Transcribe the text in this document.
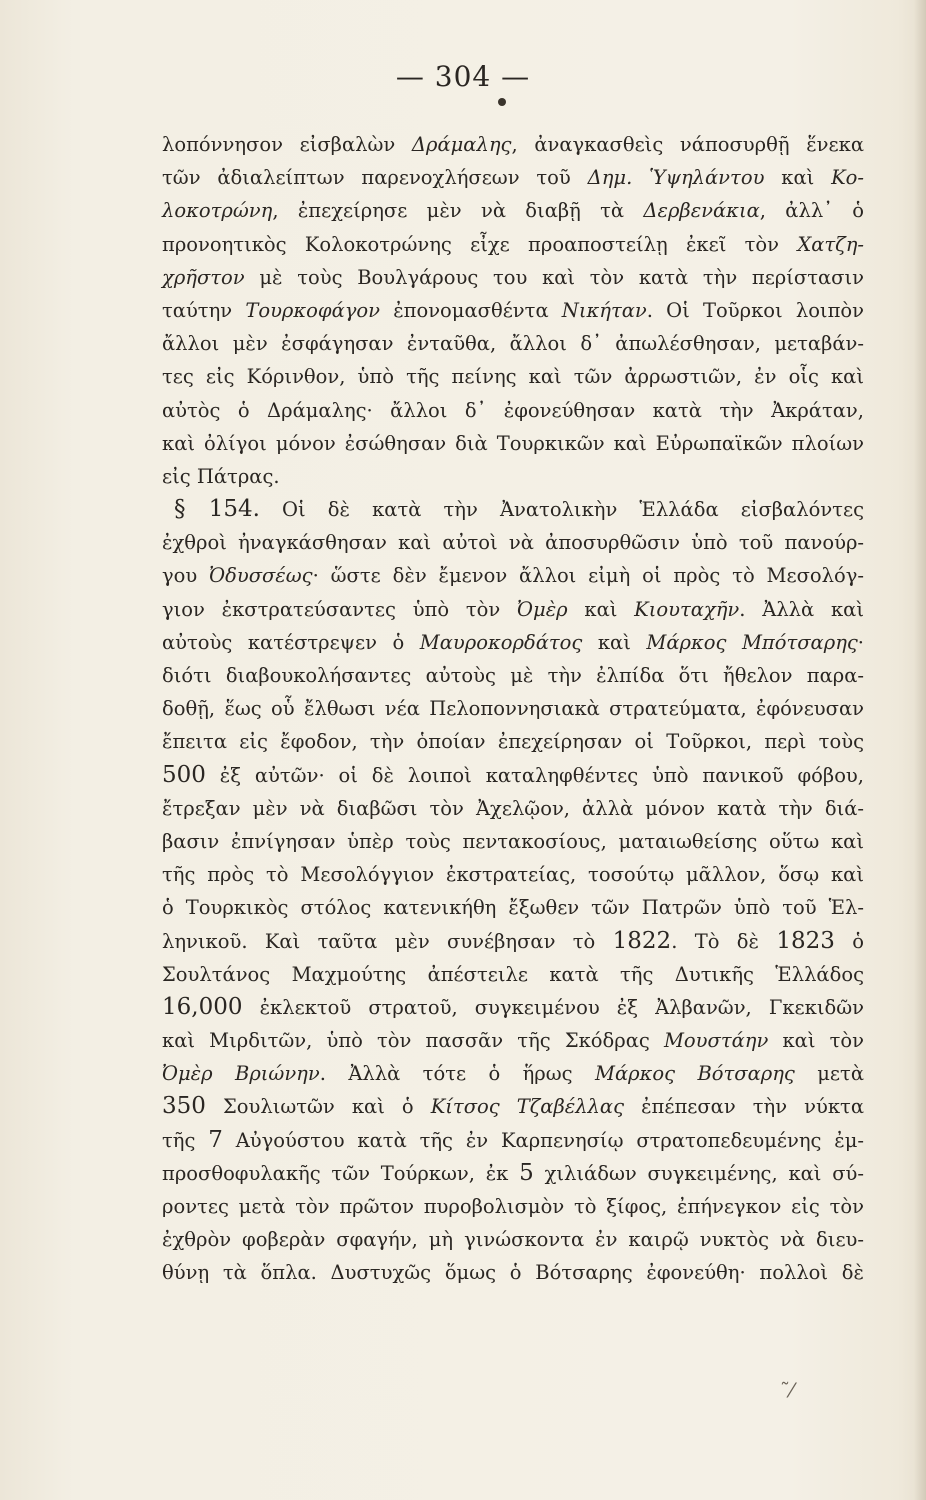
— 304 —
λοπόννησον εἰσβαλὼν Δράμαλης, ἀναγκασθεὶς νάποσυρθῇ ἕνεκα
τῶν ἀδιαλείπτων παρενοχλήσεων τοῦ Δημ. Ὑψηλάντου καὶ Κο-
λοκοτρώνη, ἐπεχείρησε μὲν νὰ διαβῇ τὰ Δερβενάκια, ἀλλ᾽ ὁ
προνοητικὸς Κολοκοτρώνης εἶχε προαποστείλῃ ἐκεῖ τὸν Χατζη-
χρῆστον μὲ τοὺς Βουλγάρους του καὶ τὸν κατὰ τὴν περίστασιν
ταύτην Τουρκοφάγον ἐπονομασθέντα Νικήταν. Οἱ Τοῦρκοι λοιπὸν
ἄλλοι μὲν ἐσφάγησαν ἐνταῦθα, ἄλλοι δ᾽ ἀπωλέσθησαν, μεταβάν-
τες εἰς Κόρινθον, ὑπὸ τῆς πείνης καὶ τῶν ἀρρωστιῶν, ἐν οἷς καὶ
αὐτὸς ὁ Δράμαλης· ἄλλοι δ᾽ ἐφονεύθησαν κατὰ τὴν Ἀκράταν,
καὶ ὀλίγοι μόνον ἐσώθησαν διὰ Τουρκικῶν καὶ Εὐρωπαϊκῶν πλοίων
εἰς Πάτρας.
§ 154. Οἱ δὲ κατὰ τὴν Ἀνατολικὴν Ἑλλάδα εἰσβαλόντες
ἐχθροὶ ἠναγκάσθησαν καὶ αὐτοὶ νὰ ἀποσυρθῶσιν ὑπὸ τοῦ πανούρ-
γου Ὀδυσσέως· ὥστε δὲν ἔμενον ἄλλοι εἰμὴ οἱ πρὸς τὸ Μεσολόγ-
γιον ἐκστρατεύσαντες ὑπὸ τὸν Ὀμὲρ καὶ Κιουταχῆν. Ἀλλὰ καὶ
αὐτοὺς κατέστρεψεν ὁ Μαυροκορδάτος καὶ Μάρκος Μπότσαρης·
διότι διαβουκολήσαντες αὐτοὺς μὲ τὴν ἐλπίδα ὅτι ἤθελον παρα-
δοθῇ, ἕως οὗ ἔλθωσι νέα Πελοποννησιακὰ στρατεύματα, ἐφόνευσαν
ἔπειτα εἰς ἔφοδον, τὴν ὁποίαν ἐπεχείρησαν οἱ Τοῦρκοι, περὶ τοὺς
500 ἐξ αὐτῶν· οἱ δὲ λοιποὶ καταληφθέντες ὑπὸ πανικοῦ φόβου,
ἔτρεξαν μὲν νὰ διαβῶσι τὸν Ἀχελῷον, ἀλλὰ μόνον κατὰ τὴν διά-
βασιν ἐπνίγησαν ὑπὲρ τοὺς πεντακοσίους, ματαιωθείσης οὕτω καὶ
τῆς πρὸς τὸ Μεσολόγγιον ἐκστρατείας, τοσούτῳ μᾶλλον, ὅσῳ καὶ
ὁ Τουρκικὸς στόλος κατενικήθη ἔξωθεν τῶν Πατρῶν ὑπὸ τοῦ Ἑλ-
ληνικοῦ. Καὶ ταῦτα μὲν συνέβησαν τὸ 1822. Τὸ δὲ 1823 ὁ
Σουλτάνος Μαχμούτης ἀπέστειλε κατὰ τῆς Δυτικῆς Ἑλλάδος
16,000 ἐκλεκτοῦ στρατοῦ, συγκειμένου ἐξ Ἀλβανῶν, Γκεκιδῶν
καὶ Μιρδιτῶν, ὑπὸ τὸν πασσᾶν τῆς Σκόδρας Μουστάην καὶ τὸν
Ὀμὲρ Βριώνην. Ἀλλὰ τότε ὁ ἥρως Μάρκος Βότσαρης μετὰ
350 Σουλιωτῶν καὶ ὁ Κίτσος Τζαβέλλας ἐπέπεσαν τὴν νύκτα
τῆς 7 Αὐγούστου κατὰ τῆς ἐν Καρπενησίῳ στρατοπεδευμένης ἐμ-
προσθοφυλακῆς τῶν Τούρκων, ἐκ 5 χιλιάδων συγκειμένης, καὶ σύ-
ροντες μετὰ τὸν πρῶτον πυροβολισμὸν τὸ ξίφος, ἐπήνεγκον εἰς τὸν
ἐχθρὸν φοβερὰν σφαγήν, μὴ γινώσκοντα ἐν καιρῷ νυκτὸς νὰ διευ-
θύνῃ τὰ ὅπλα. Δυστυχῶς ὅμως ὁ Βότσαρης ἐφονεύθη· πολλοὶ δὲ
˜⁄
